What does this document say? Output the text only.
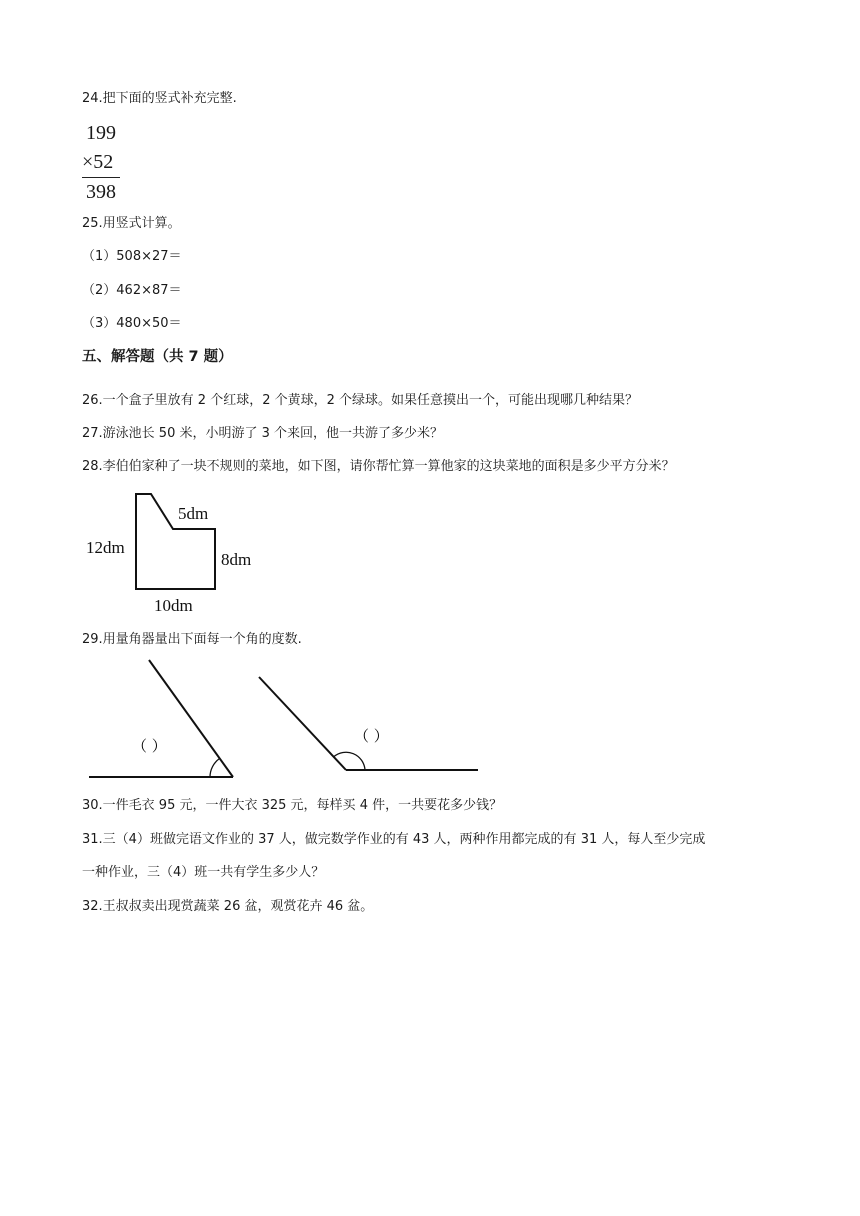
24.把下面的竖式补充完整.
199
×52
398
25.用竖式计算。
（1）508×27＝
（2）462×87＝
（3）480×50＝
五、解答题（共 7 题）
26.一个盒子里放有 2 个红球，2 个黄球，2 个绿球。如果任意摸出一个，可能出现哪几种结果？
27.游泳池长 50 米，小明游了 3 个来回，他一共游了多少米？
28.李伯伯家种了一块不规则的菜地，如下图，请你帮忙算一算他家的这块菜地的面积是多少平方分米？
5dm
12dm
8dm
10dm
29.用量角器量出下面每一个角的度数.
（ ）
（ ）
30.一件毛衣 95 元，一件大衣 325 元，每样买 4 件，一共要花多少钱？
31.三（4）班做完语文作业的 37 人，做完数学作业的有 43 人，两种作用都完成的有 31 人，每人至少完成
一种作业，三（4）班一共有学生多少人？
32.王叔叔卖出现赏蔬菜 26 盆，观赏花卉 46 盆。
